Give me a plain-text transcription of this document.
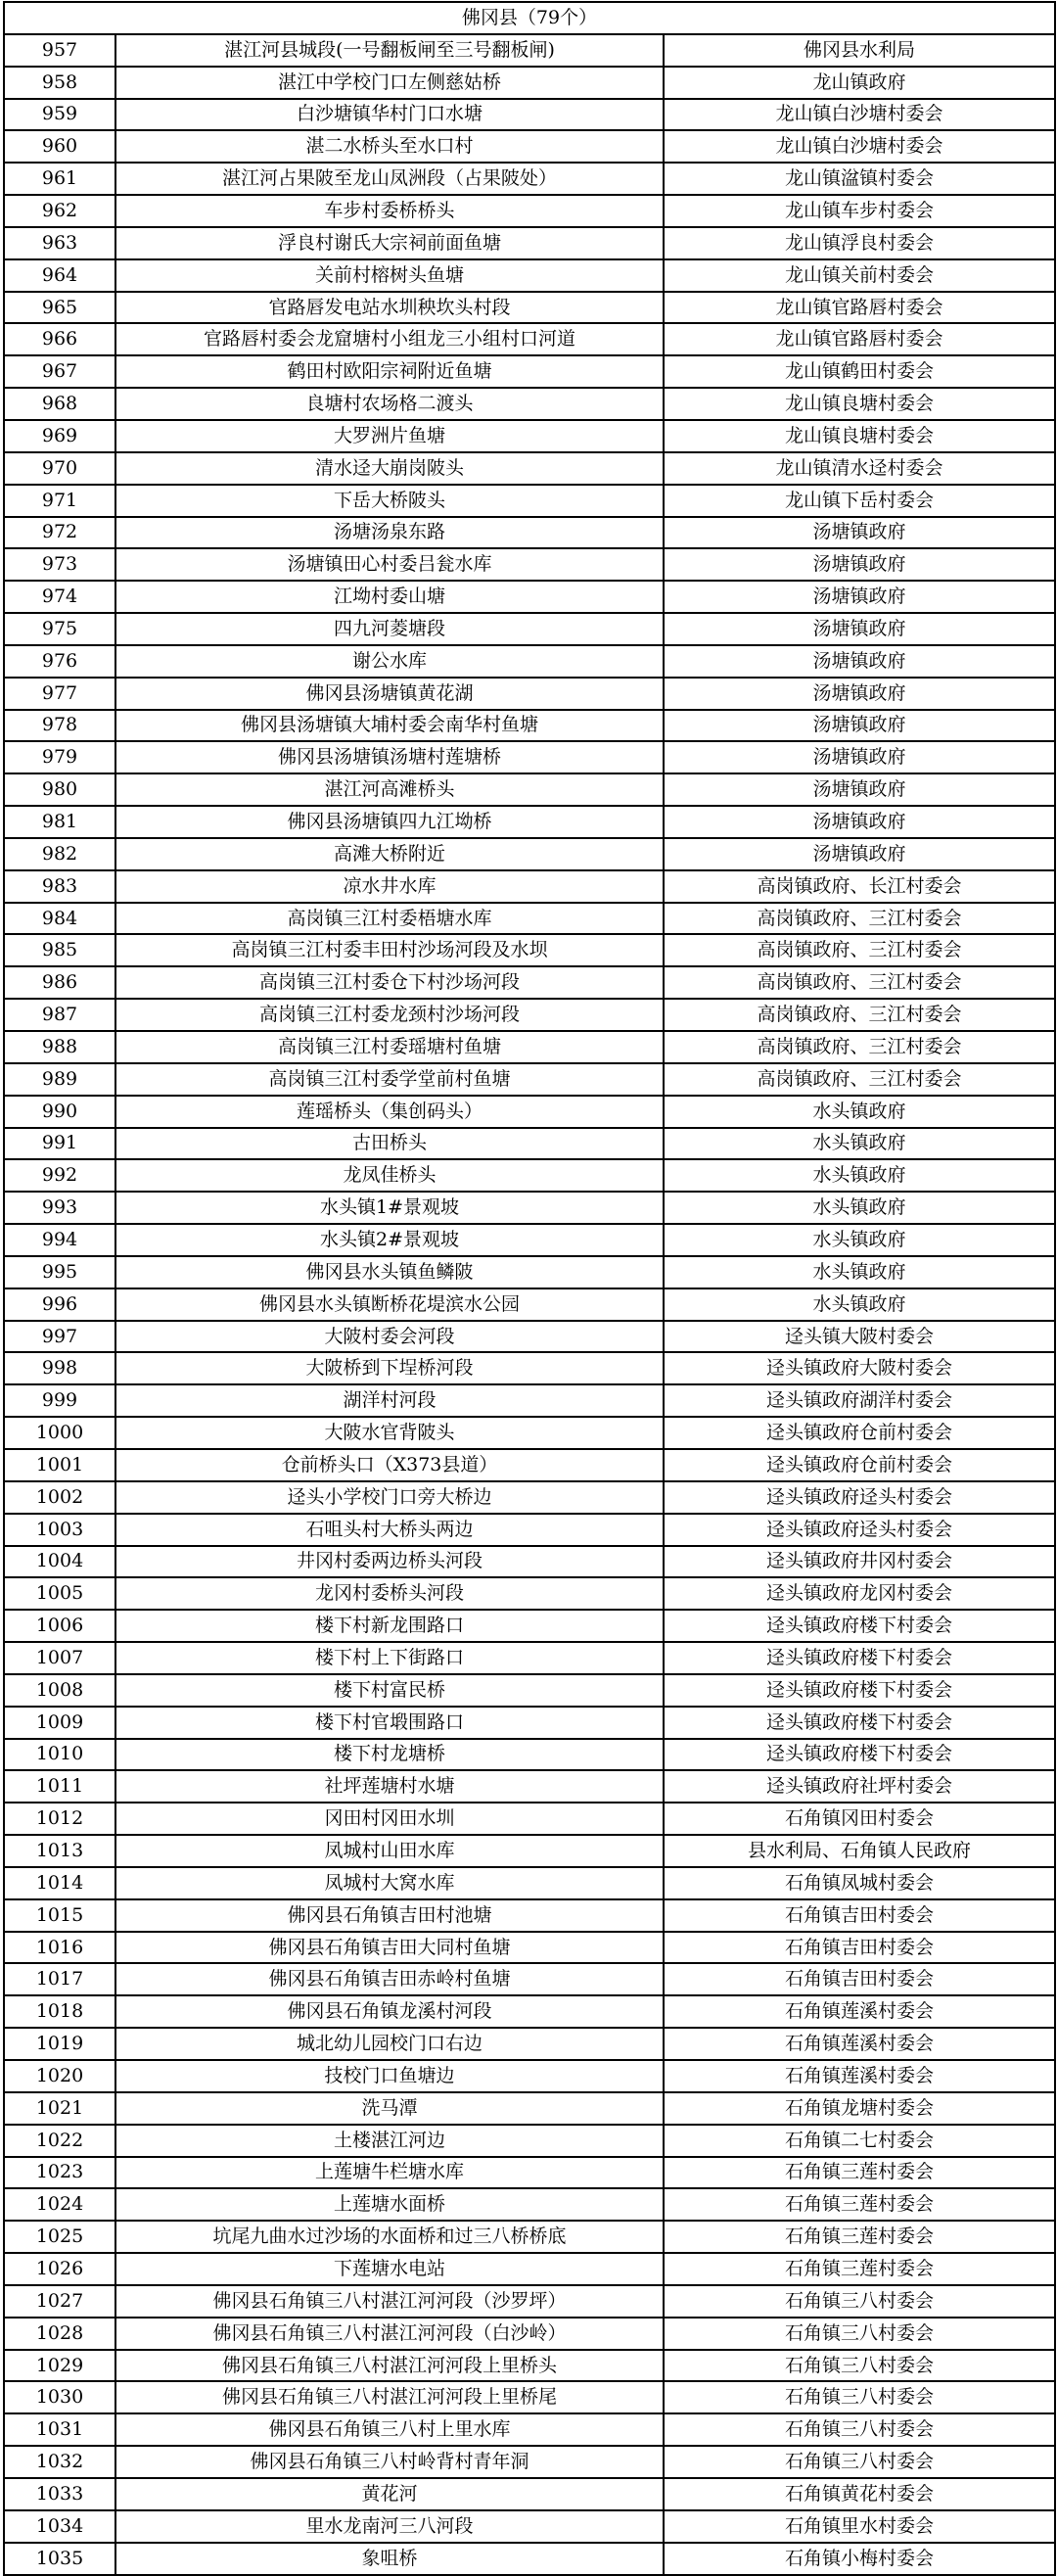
佛冈县（79个）		
957	湛江河县城段(一号翻板闸至三号翻板闸)	佛冈县水利局
958	湛江中学校门口左侧慈姑桥	龙山镇政府
959	白沙塘镇华村门口水塘	龙山镇白沙塘村委会
960	湛二水桥头至水口村	龙山镇白沙塘村委会
961	湛江河占果陂至龙山凤洲段（占果陂处）	龙山镇湓镇村委会
962	车步村委桥桥头	龙山镇车步村委会
963	浮良村谢氏大宗祠前面鱼塘	龙山镇浮良村委会
964	关前村榕树头鱼塘	龙山镇关前村委会
965	官路唇发电站水圳秧坎头村段	龙山镇官路唇村委会
966	官路唇村委会龙窟塘村小组龙三小组村口河道	龙山镇官路唇村委会
967	鹤田村欧阳宗祠附近鱼塘	龙山镇鹤田村委会
968	良塘村农场格二渡头	龙山镇良塘村委会
969	大罗洲片鱼塘	龙山镇良塘村委会
970	清水迳大崩岗陂头	龙山镇清水迳村委会
971	下岳大桥陂头	龙山镇下岳村委会
972	汤塘汤泉东路	汤塘镇政府
973	汤塘镇田心村委吕瓮水库	汤塘镇政府
974	江坳村委山塘	汤塘镇政府
975	四九河菱塘段	汤塘镇政府
976	谢公水库	汤塘镇政府
977	佛冈县汤塘镇黄花湖	汤塘镇政府
978	佛冈县汤塘镇大埔村委会南华村鱼塘	汤塘镇政府
979	佛冈县汤塘镇汤塘村莲塘桥	汤塘镇政府
980	湛江河高滩桥头	汤塘镇政府
981	佛冈县汤塘镇四九江坳桥	汤塘镇政府
982	高滩大桥附近	汤塘镇政府
983	凉水井水库	高岗镇政府、长江村委会
984	高岗镇三江村委梧塘水库	高岗镇政府、三江村委会
985	高岗镇三江村委丰田村沙场河段及水坝	高岗镇政府、三江村委会
986	高岗镇三江村委仓下村沙场河段	高岗镇政府、三江村委会
987	高岗镇三江村委龙颈村沙场河段	高岗镇政府、三江村委会
988	高岗镇三江村委瑶塘村鱼塘	高岗镇政府、三江村委会
989	高岗镇三江村委学堂前村鱼塘	高岗镇政府、三江村委会
990	莲瑶桥头（集创码头）	水头镇政府
991	古田桥头	水头镇政府
992	龙凤佳桥头	水头镇政府
993	水头镇1#景观坡	水头镇政府
994	水头镇2#景观坡	水头镇政府
995	佛冈县水头镇鱼鳞陂	水头镇政府
996	佛冈县水头镇断桥花堤滨水公园	水头镇政府
997	大陂村委会河段	迳头镇大陂村委会
998	大陂桥到下埕桥河段	迳头镇政府大陂村委会
999	湖洋村河段	迳头镇政府湖洋村委会
1000	大陂水官背陂头	迳头镇政府仓前村委会
1001	仓前桥头口（X373县道）	迳头镇政府仓前村委会
1002	迳头小学校门口旁大桥边	迳头镇政府迳头村委会
1003	石咀头村大桥头两边	迳头镇政府迳头村委会
1004	井冈村委两边桥头河段	迳头镇政府井冈村委会
1005	龙冈村委桥头河段	迳头镇政府龙冈村委会
1006	楼下村新龙围路口	迳头镇政府楼下村委会
1007	楼下村上下街路口	迳头镇政府楼下村委会
1008	楼下村富民桥	迳头镇政府楼下村委会
1009	楼下村官塅围路口	迳头镇政府楼下村委会
1010	楼下村龙塘桥	迳头镇政府楼下村委会
1011	社坪莲塘村水塘	迳头镇政府社坪村委会
1012	冈田村冈田水圳	石角镇冈田村委会
1013	凤城村山田水库	县水利局、石角镇人民政府
1014	凤城村大窝水库	石角镇凤城村委会
1015	佛冈县石角镇吉田村池塘	石角镇吉田村委会
1016	佛冈县石角镇吉田大同村鱼塘	石角镇吉田村委会
1017	佛冈县石角镇吉田赤岭村鱼塘	石角镇吉田村委会
1018	佛冈县石角镇龙溪村河段	石角镇莲溪村委会
1019	城北幼儿园校门口右边	石角镇莲溪村委会
1020	技校门口鱼塘边	石角镇莲溪村委会
1021	洗马潭	石角镇龙塘村委会
1022	土楼湛江河边	石角镇二七村委会
1023	上莲塘牛栏塘水库	石角镇三莲村委会
1024	上莲塘水面桥	石角镇三莲村委会
1025	坑尾九曲水过沙场的水面桥和过三八桥桥底	石角镇三莲村委会
1026	下莲塘水电站	石角镇三莲村委会
1027	佛冈县石角镇三八村湛江河河段（沙罗坪）	石角镇三八村委会
1028	佛冈县石角镇三八村湛江河河段（白沙岭）	石角镇三八村委会
1029	佛冈县石角镇三八村湛江河河段上里桥头	石角镇三八村委会
1030	佛冈县石角镇三八村湛江河河段上里桥尾	石角镇三八村委会
1031	佛冈县石角镇三八村上里水库	石角镇三八村委会
1032	佛冈县石角镇三八村岭背村青年洞	石角镇三八村委会
1033	黄花河	石角镇黄花村委会
1034	里水龙南河三八河段	石角镇里水村委会
1035	象咀桥	石角镇小梅村委会
